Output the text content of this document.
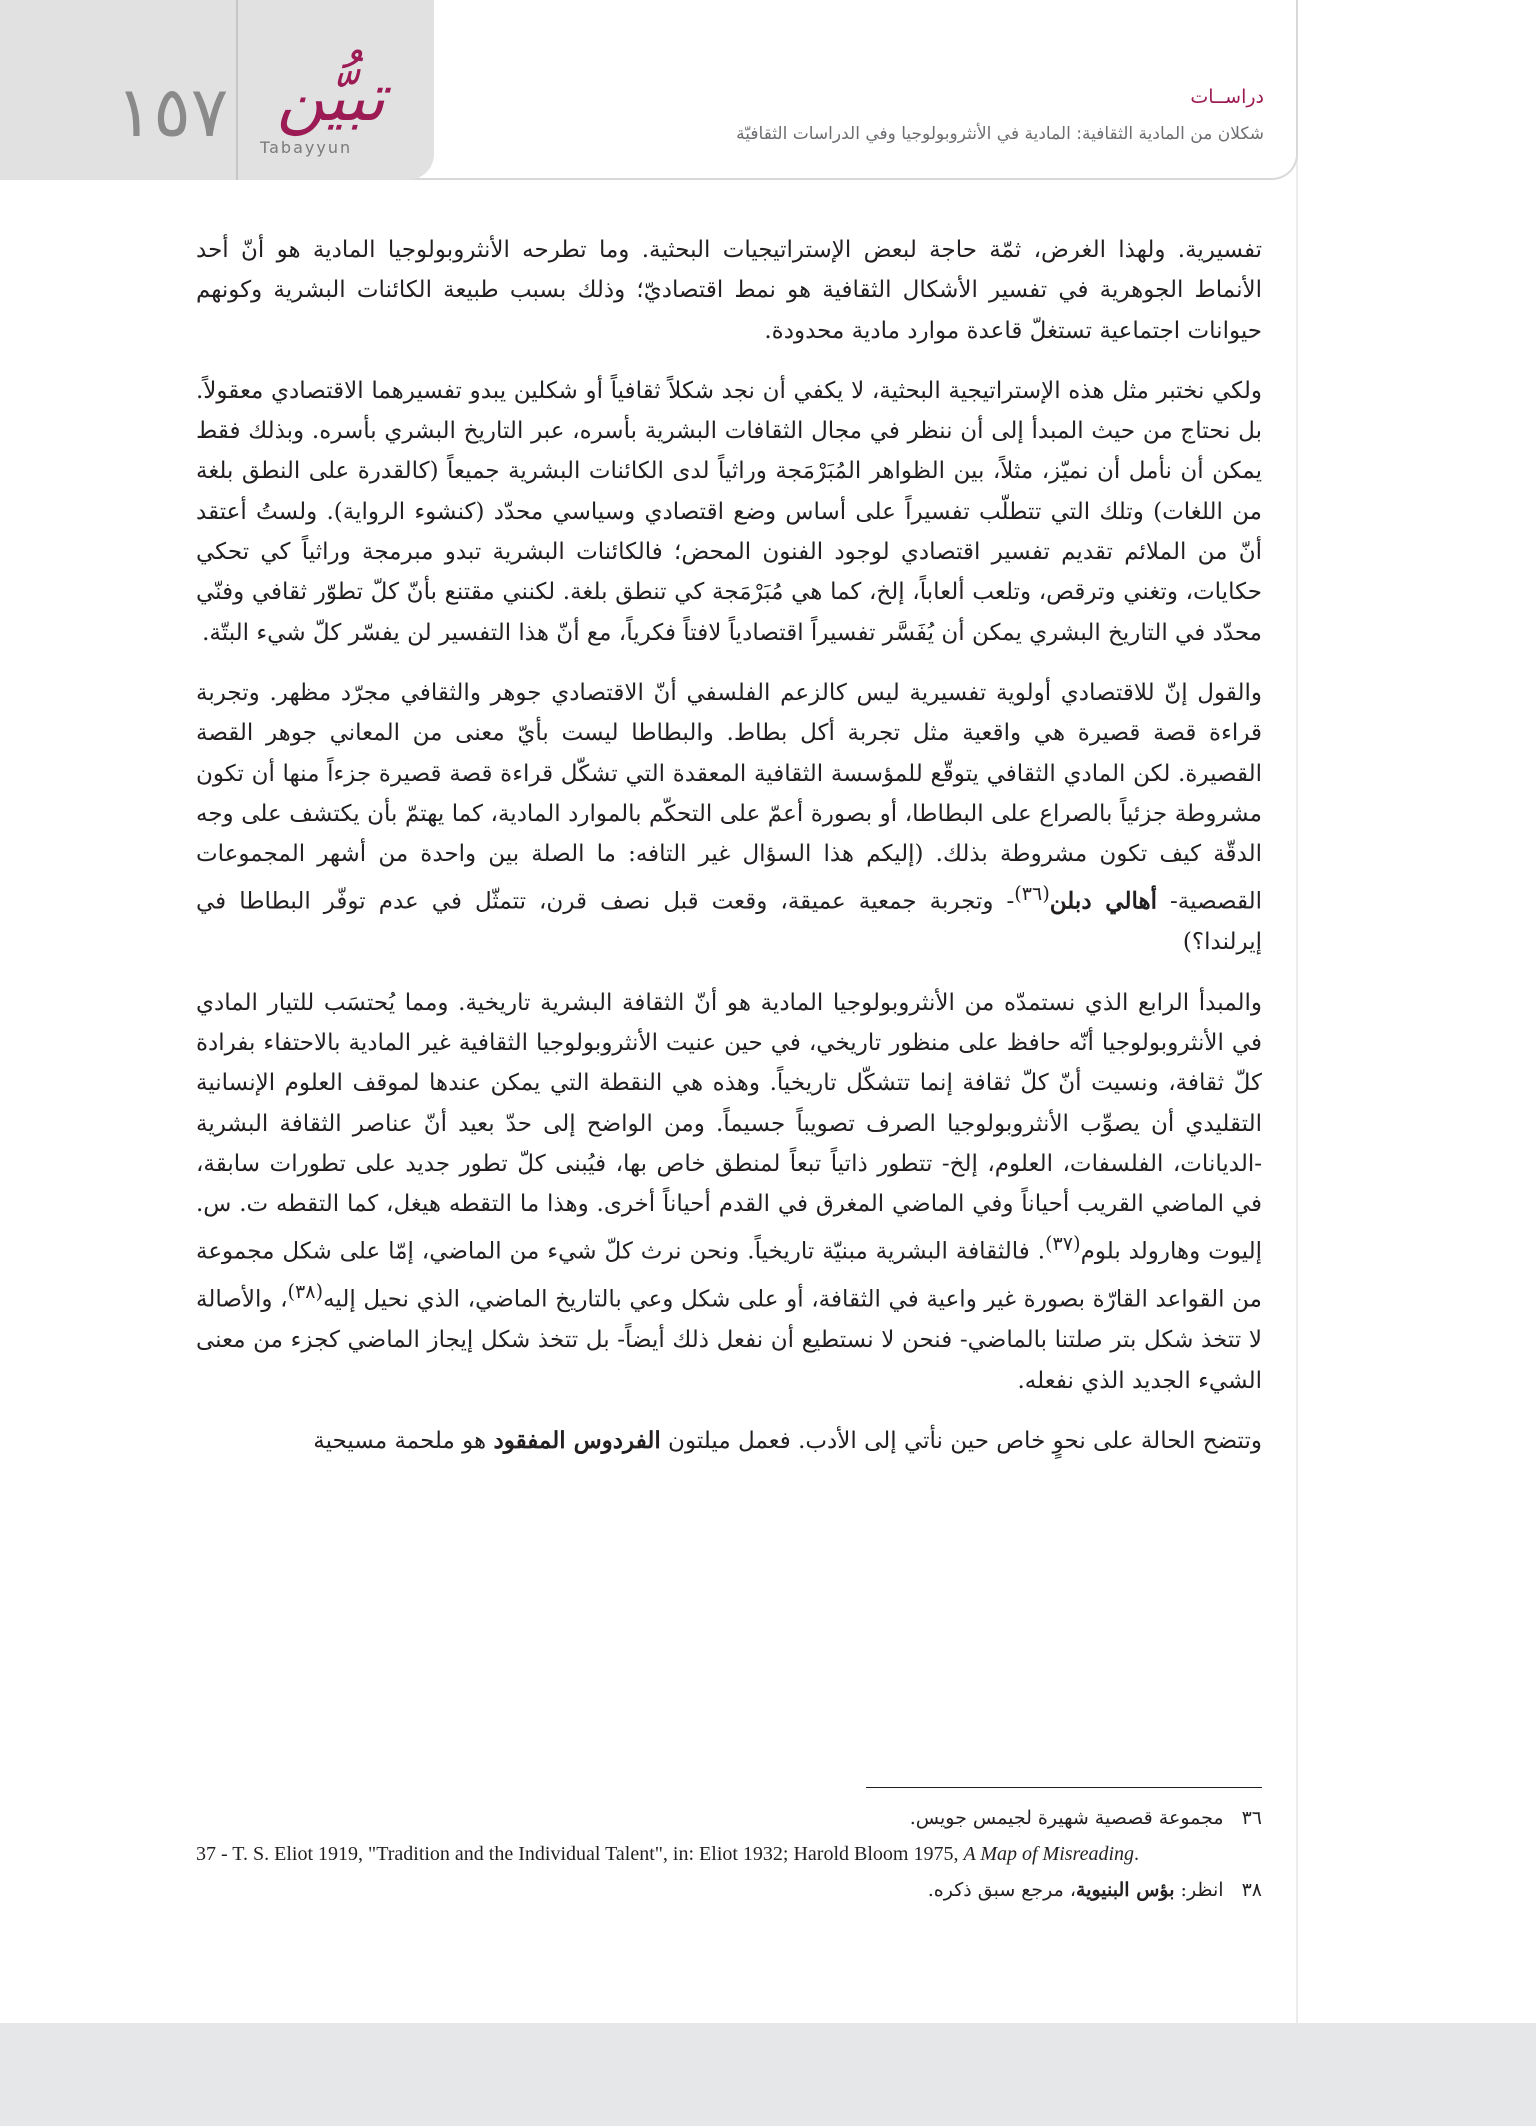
١٥٧ تبيُّن
Tabayyun
دراســات
شكلان من المادية الثقافية: المادية في الأنثروبولوجيا وفي الدراسات الثقافيّة

تفسيرية. ولهذا الغرض، ثمّة حاجة لبعض الإستراتيجيات البحثية. وما تطرحه الأنثروبولوجيا المادية هو أنّ أحد الأنماط الجوهرية في تفسير الأشكال الثقافية هو نمط اقتصاديّ؛ وذلك بسبب طبيعة الكائنات البشرية وكونهم حيوانات اجتماعية تستغلّ قاعدة موارد مادية محدودة.

ولكي نختبر مثل هذه الإستراتيجية البحثية، لا يكفي أن نجد شكلاً ثقافياً أو شكلين يبدو تفسيرهما الاقتصادي معقولاً. بل نحتاج من حيث المبدأ إلى أن ننظر في مجال الثقافات البشرية بأسره، عبر التاريخ البشري بأسره. وبذلك فقط يمكن أن نأمل أن نميّز، مثلاً، بين الظواهر المُبَرْمَجة وراثياً لدى الكائنات البشرية جميعاً (كالقدرة على النطق بلغة من اللغات) وتلك التي تتطلّب تفسيراً على أساس وضع اقتصادي وسياسي محدّد (كنشوء الرواية). ولستُ أعتقد أنّ من الملائم تقديم تفسير اقتصادي لوجود الفنون المحض؛ فالكائنات البشرية تبدو مبرمجة وراثياً كي تحكي حكايات، وتغني وترقص، وتلعب ألعاباً، إلخ، كما هي مُبَرْمَجة كي تنطق بلغة. لكنني مقتنع بأنّ كلّ تطوّر ثقافي وفنّي محدّد في التاريخ البشري يمكن أن يُفَسَّر تفسيراً اقتصادياً لافتاً فكرياً، مع أنّ هذا التفسير لن يفسّر كلّ شيء البتّة.

والقول إنّ للاقتصادي أولوية تفسيرية ليس كالزعم الفلسفي أنّ الاقتصادي جوهر والثقافي مجرّد مظهر. وتجربة قراءة قصة قصيرة هي واقعية مثل تجربة أكل بطاط. والبطاطا ليست بأيّ معنى من المعاني جوهر القصة القصيرة. لكن المادي الثقافي يتوقّع للمؤسسة الثقافية المعقدة التي تشكّل قراءة قصة قصيرة جزءاً منها أن تكون مشروطة جزئياً بالصراع على البطاطا، أو بصورة أعمّ على التحكّم بالموارد المادية، كما يهتمّ بأن يكتشف على وجه الدقّة كيف تكون مشروطة بذلك. (إليكم هذا السؤال غير التافه: ما الصلة بين واحدة من أشهر المجموعات القصصية- أهالي دبلن$^{(٣٦)}$- وتجربة جمعية عميقة، وقعت قبل نصف قرن، تتمثّل في عدم توفّر البطاطا في إيرلندا؟)

والمبدأ الرابع الذي نستمدّه من الأنثروبولوجيا المادية هو أنّ الثقافة البشرية تاريخية. ومما يُحتسَب للتيار المادي في الأنثروبولوجيا أنّه حافظ على منظور تاريخي، في حين عنيت الأنثروبولوجيا الثقافية غير المادية بالاحتفاء بفرادة كلّ ثقافة، ونسيت أنّ كلّ ثقافة إنما تتشكّل تاريخياً. وهذه هي النقطة التي يمكن عندها لموقف العلوم الإنسانية التقليدي أن يصوِّب الأنثروبولوجيا الصرف تصويباً جسيماً. ومن الواضح إلى حدّ بعيد أنّ عناصر الثقافة البشرية -الديانات، الفلسفات، العلوم، إلخ- تتطور ذاتياً تبعاً لمنطق خاص بها، فيُبنى كلّ تطور جديد على تطورات سابقة، في الماضي القريب أحياناً وفي الماضي المغرق في القدم أحياناً أخرى. وهذا ما التقطه هيغل، كما التقطه ت. س. إليوت وهارولد بلوم$^{(٣٧)}$. فالثقافة البشرية مبنيّة تاريخياً. ونحن نرث كلّ شيء من الماضي، إمّا على شكل مجموعة من القواعد القارّة بصورة غير واعية في الثقافة، أو على شكل وعي بالتاريخ الماضي، الذي نحيل إليه$^{(٣٨)}$، والأصالة لا تتخذ شكل بتر صلتنا بالماضي- فنحن لا نستطيع أن نفعل ذلك أيضاً- بل تتخذ شكل إيجاز الماضي كجزء من معنى الشيء الجديد الذي نفعله.

وتتضح الحالة على نحوٍ خاص حين نأتي إلى الأدب. فعمل ميلتون الفردوس المفقود هو ملحمة مسيحية

٣٦مجموعة قصصية شهيرة لجيمس جويس.
37 - T. S. Eliot 1919, "Tradition and the Individual Talent", in: Eliot 1932; Harold Bloom 1975, A Map of Misreading.
٣٨انظر: بؤس البنيوية، مرجع سبق ذكره.
